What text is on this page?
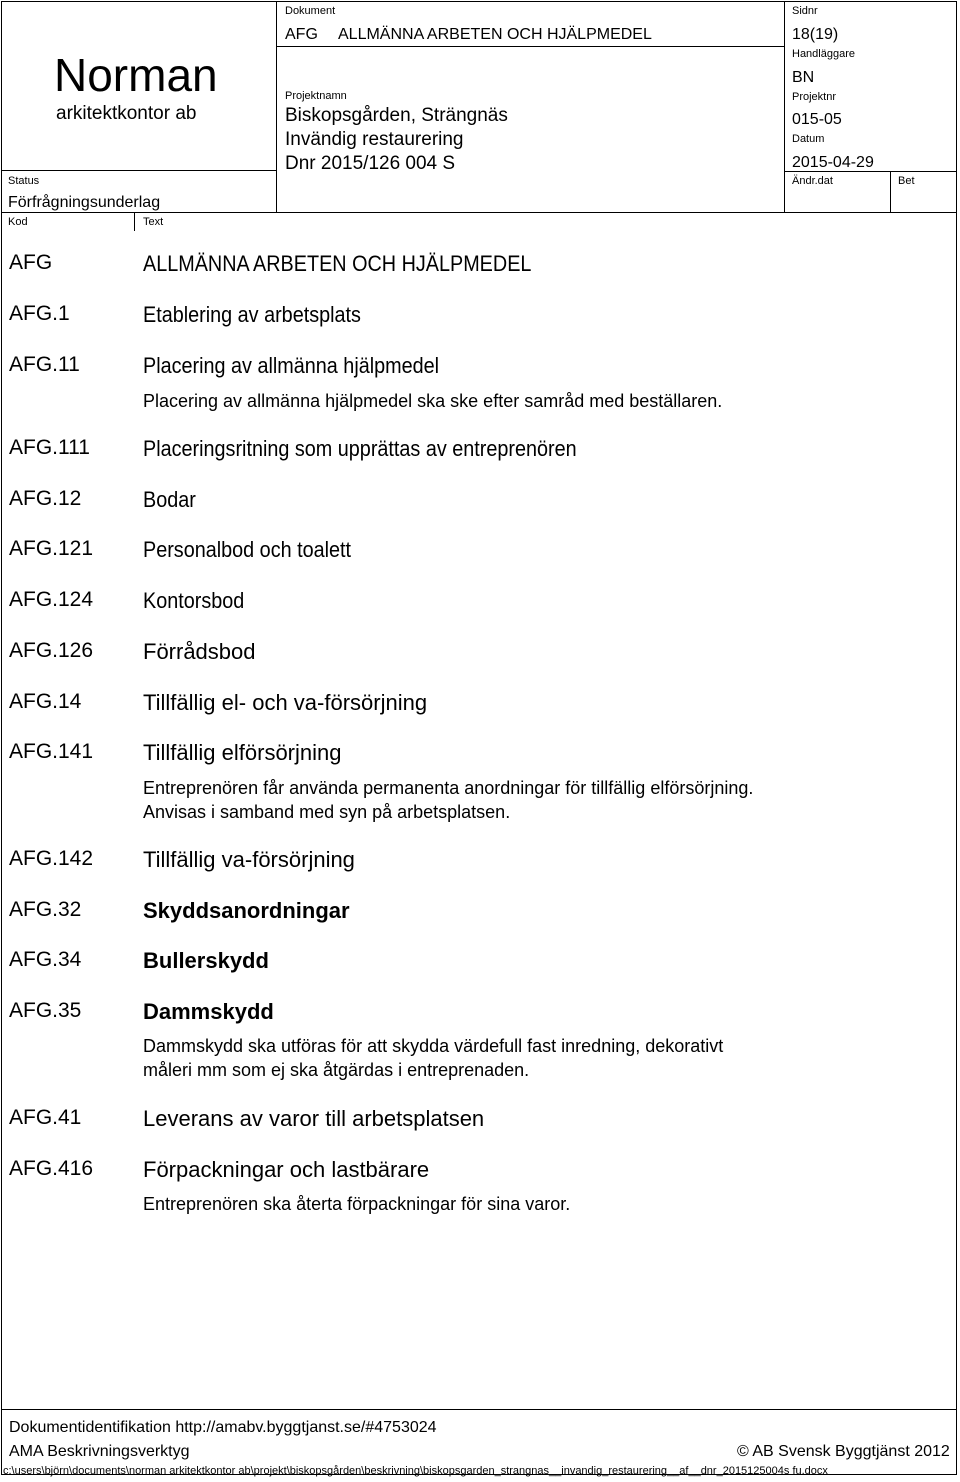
Norman
arkitektkontor ab
Status
Förfrågningsunderlag
Kod	Text
Dokument
AFG ALLMÄNNA ARBETEN OCH HJÄLPMEDEL
Projektnamn
Biskopsgården, Strängnäs
Invändig restaurering
Dnr 2015/126 004 S
Sidnr
18(19)
Handläggare
BN
Projektnr
015-05
Datum
2015-04-29
Ändr.dat	Bet
AFG	ALLMÄNNA ARBETEN OCH HJÄLPMEDEL
AFG.1	Etablering av arbetsplats
AFG.11	Placering av allmänna hjälpmedel
Placering av allmänna hjälpmedel ska ske efter samråd med beställaren.
AFG.111 Placeringsritning som upprättas av entreprenören
AFG.12	Bodar
AFG.121 Personalbod och toalett
AFG.124 Kontorsbod
AFG.126 Förrådsbod
AFG.14	Tillfällig el- och va-försörjning
AFG.141 Tillfällig elförsörjning
Entreprenören får använda permanenta anordningar för tillfällig elförsörjning.
Anvisas i samband med syn på arbetsplatsen.
AFG.142 Tillfällig va-försörjning
AFG.32	Skyddsanordningar
AFG.34	Bullerskydd
AFG.35	Dammskydd
Dammskydd ska utföras för att skydda värdefull fast inredning, dekorativt
måleri mm som ej ska åtgärdas i entreprenaden.
AFG.41	Leverans av varor till arbetsplatsen
AFG.416 Förpackningar och lastbärare
Entreprenören ska återta förpackningar för sina varor.
Dokumentidentifikation http://amabv.byggtjanst.se/#4753024
AMA Beskrivningsverktyg	© AB Svensk Byggtjänst 2012
c:\users\björn\documents\norman arkitektkontor ab\projekt\biskopsgården\beskrivning\biskopsgarden_strangnas__invandig_restaurering__af__dnr_2015125004s fu.docx
